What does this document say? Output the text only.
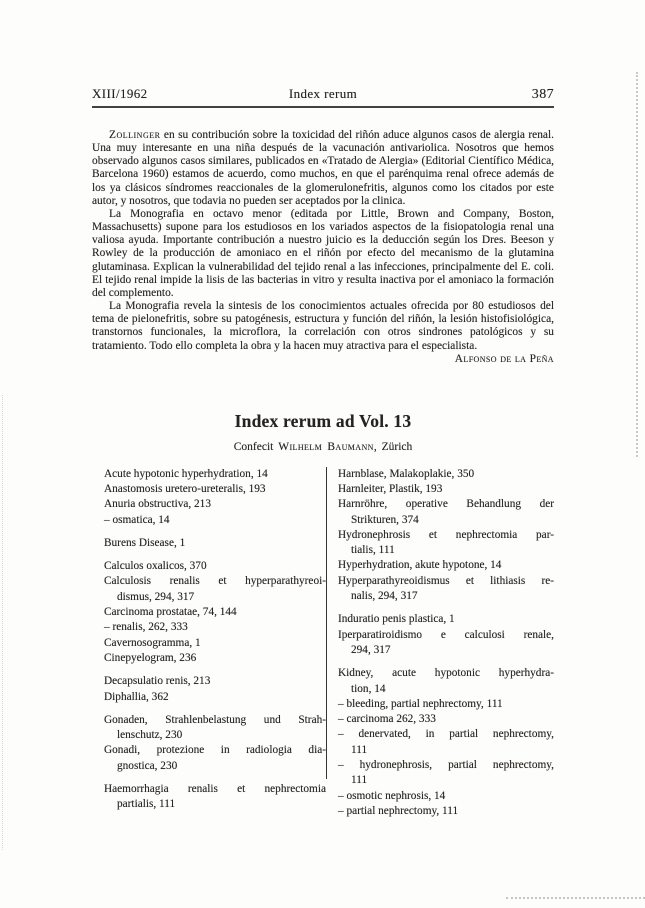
XIII/1962	Index rerum	387

Zollinger en su contribución sobre la toxicidad del riñón aduce algunos casos de alergia renal. Una muy interesante en una niña después de la vacunación antivariolica. Nosotros que hemos observado algunos casos similares, publicados en «Tratado de Alergia» (Editorial Científico Médica, Barcelona 1960) estamos de acuerdo, como muchos, en que el parénquima renal ofrece además de los ya clásicos síndromes reaccionales de la glomerulonefritis, algunos como los citados por este autor, y nosotros, que todavia no pueden ser aceptados por la clinica.

La Monografia en octavo menor (editada por Little, Brown and Company, Boston, Massachusetts) supone para los estudiosos en los variados aspectos de la fisiopatologia renal una valiosa ayuda. Importante contribución a nuestro juicio es la deducción según los Dres. Beeson y Rowley de la producción de amoniaco en el riñón por efecto del mecanismo de la glutamina glutaminasa. Explican la vulnerabilidad del tejido renal a las infecciones, principalmente del E. coli. El tejido renal impide la lisis de las bacterias in vitro y resulta inactiva por el amoniaco la formación del complemento.

La Monografia revela la sintesis de los conocimientos actuales ofrecida por 80 estudiosos del tema de pielonefritis, sobre su patogénesis, estructura y función del riñón, la lesión histofisiológica, transtornos funcionales, la microflora, la correlación con otros sindrones patológicos y su tratamiento. Todo ello completa la obra y la hacen muy atractiva para el especialista.
Alfonso de la Peña

Index rerum ad Vol. 13
Confecit Wilhelm Baumann, Zürich
Acute hypotonic hyperhydration, 14
Anastomosis uretero-ureteralis, 193
Anuria obstructiva, 213
– osmatica, 14
Burens Disease, 1
Calculos oxalicos, 370
Calculosis renalis et hyperparathyreoi-
dismus, 294, 317
Carcinoma prostatae, 74, 144
– renalis, 262, 333
Cavernosogramma, 1
Cinepyelogram, 236
Decapsulatio renis, 213
Diphallia, 362
Gonaden, Strahlenbelastung und Strah-
lenschutz, 230
Gonadi, protezione in radiologia dia-
gnostica, 230
Haemorrhagia renalis et nephrectomia
partialis, 111
Harnblase, Malakoplakie, 350
Harnleiter, Plastik, 193
Harnröhre, operative Behandlung der
Strikturen, 374
Hydronephrosis et nephrectomia par-
tialis, 111
Hyperhydration, akute hypotone, 14
Hyperparathyreoidismus et lithiasis re-
nalis, 294, 317
Induratio penis plastica, 1
Iperparatiroidismo e calculosi renale,
294, 317
Kidney, acute hypotonic hyperhydra-
tion, 14
– bleeding, partial nephrectomy, 111
– carcinoma 262, 333
– denervated, in partial nephrectomy,
111
– hydronephrosis, partial nephrectomy,
111
– osmotic nephrosis, 14
– partial nephrectomy, 111
